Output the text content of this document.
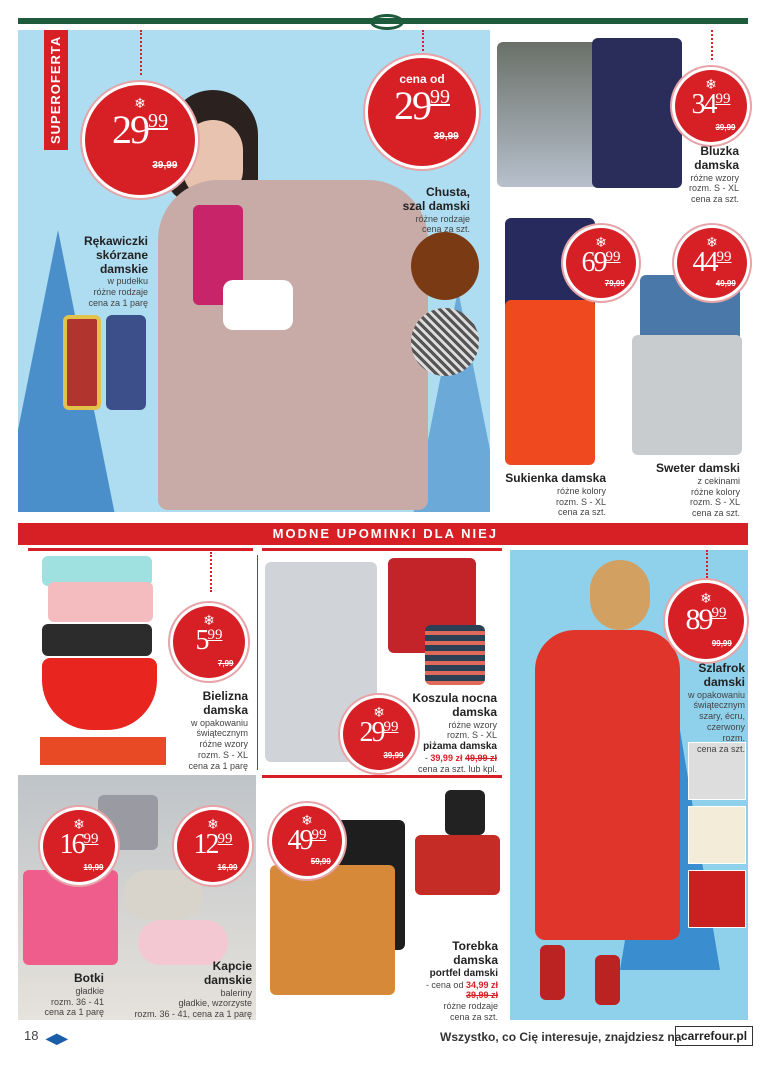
SUPEROFERTA	❄
2999
39,99
Rękawiczki
skórzane
damskie
w pudełku
różne rodzaje
cena za 1 parę
cena od
2999
39,99
Chusta,
szal damski
różne rodzaje
cena za szt.
❄
3499
39,99
Bluzka
damska
różne wzory
rozm. S - XL
cena za szt.
❄
6999
79,99
Sukienka damska
różne kolory
rozm. S - XL
cena za szt.
❄
4499
49,99
Sweter damski
z cekinami
różne kolory
rozm. S - XL
cena za szt.
MODNE UPOMINKI DLA NIEJ
❄
599
7,99
Bielizna
damska
w opakowaniu
świątecznym
różne wzory
rozm. S - XL
cena za 1 parę
❄
2999
39,99
Koszula nocna
damska
różne wzory
rozm. S - XL
piżama damska
- 39,99 zł 49,99 zł
cena za szt. lub kpl.
❄
8999
99,99
Szlafrok
damski
w opakowaniu
świątecznym
szary, écru,
czerwony
rozm.
cena za szt.
❄
1699
19,99
❄
1299
16,99
Botki
gładkie
rozm. 36 - 41
cena za 1 parę
Kapcie
damskie
baleriny
gładkie, wzorzyste
rozm. 36 - 41, cena za 1 parę
❄
4999
59,99
Torebka
damska
portfel damski
- cena od 34,99 zł
39,99 zł
różne rodzaje
cena za szt.
18 ◀▶	Wszystko, co Cię interesuje, znajdziesz na carrefour.pl
